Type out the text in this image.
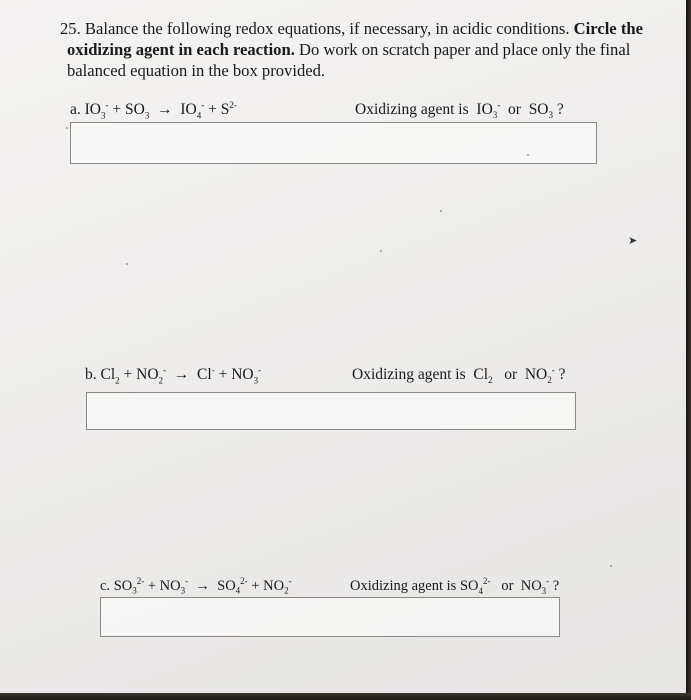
25. Balance the following redox equations, if necessary, in acidic conditions. Circle the oxidizing agent in each reaction. Do work on scratch paper and place only the final balanced equation in the box provided.
a. $IO_3^- + SO_3 \to IO_4^- + S^{2-}$	Oxidizing agent is $IO_3^-$ or $SO_3$ ?
b. $Cl_2 + NO_2^- \to Cl^- + NO_3^-$	Oxidizing agent is $Cl_2$ or $NO_2^-$ ?
c. $SO_3^{2-} + NO_3^- \to SO_4^{2-} + NO_2^-$	Oxidizing agent is $SO_4^{2-}$ or $NO_3^-$ ?
➤
